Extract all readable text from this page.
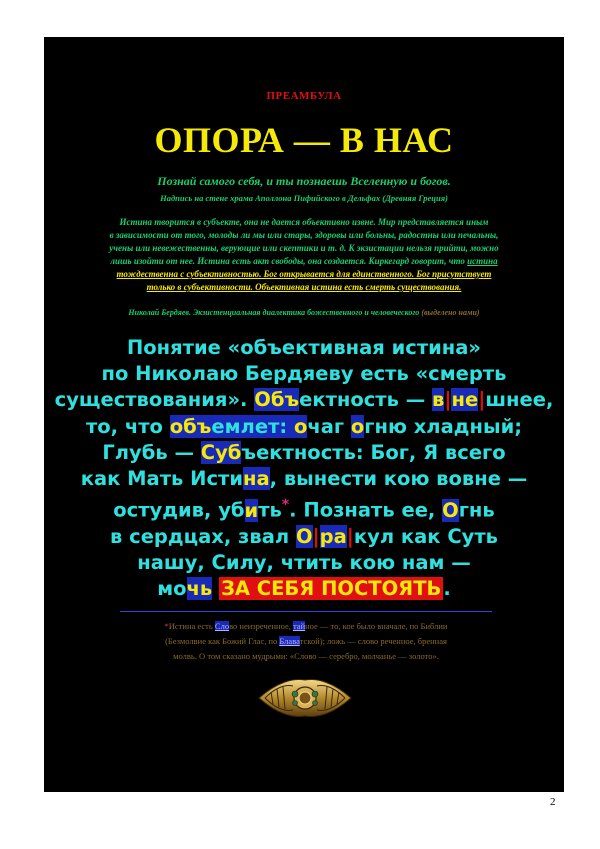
ПРЕАМБУЛА
ОПОРА — В НАС
Познай самого себя, и ты познаешь Вселенную и богов.
Надпись на стене храма Аполлона Пифийского в Дельфах (Древняя Греция)
Истина творится в субъекте, она не дается объективно извне. Мир представляется иным
в зависимости от того, молоды ли мы или стары, здоровы или больны, радостны или печальны,
учены или невежественны, верующие или скептики и т. д. К экзистации нельзя прийти, можно
лишь изойти от нее. Истина есть акт свободы, она создается. Киркегард говорит, что истина
тождественна с субъективностью. Бог открывается для единственного. Бог присутствует
только в субъективности. Объективная истина есть смерть существования.
Николай Бердяев. Экзистенциальная диалектика божественного и человеческого (выделено нами)
Понятие «объективная истина»
по Николаю Бердяеву есть «смерть
существования». Объектность — в|не|шнее,
то, что объемлет: очаг огню хладный;
Глубь — Субъектность: Бог, Я всего
как Мать Истина, вынести кою вовне —
остудив, убить*. Познать ее, Огнь
в сердцах, звал О|ра|кул как Суть
нашу, Силу, чтить кою нам —
мочь ЗА СЕБЯ ПОСТОЯТЬ .
*Истина есть Слово неизреченное, тайное — то, кое было вначале, по Библии
(Безмолвие как Божий Глас, по Блаватской); ложь — слово реченное, бренная
молвь. О том сказано мудрыми: «Слово — серебро, молчанье — золото».
2
